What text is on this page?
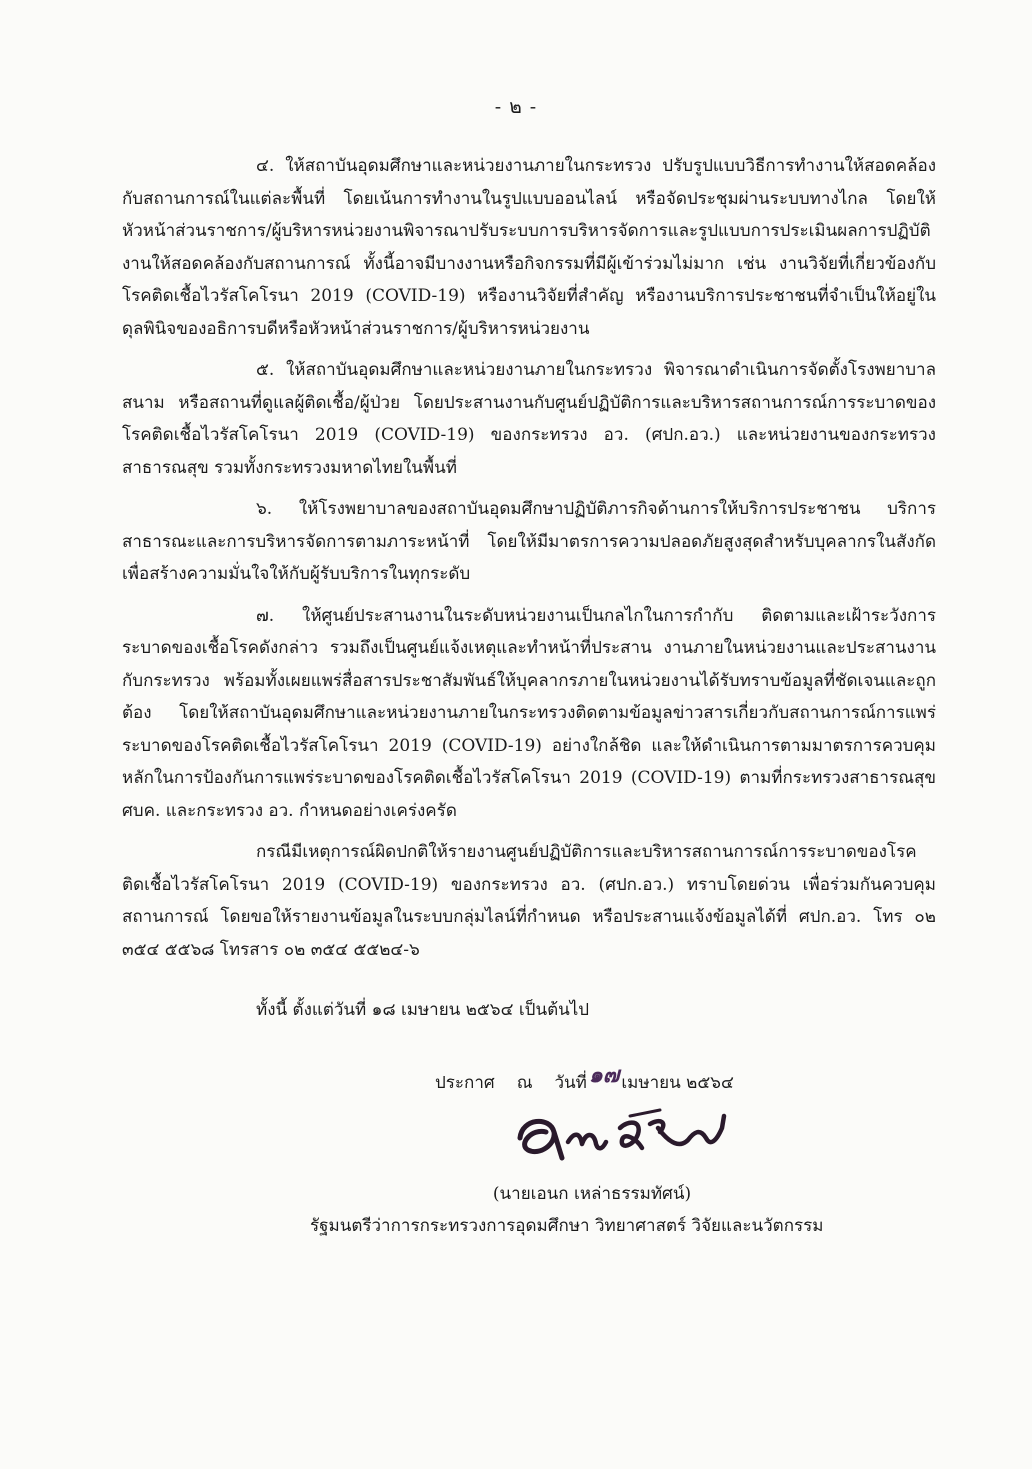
- ๒ -

๔. ให้สถาบันอุดมศึกษาและหน่วยงานภายในกระทรวง ปรับรูปแบบวิธีการทำงานให้สอดคล้องกับสถานการณ์ในแต่ละพื้นที่ โดยเน้นการทำงานในรูปแบบออนไลน์ หรือจัดประชุมผ่านระบบทางไกล โดยให้หัวหน้าส่วนราชการ/ผู้บริหารหน่วยงานพิจารณาปรับระบบการบริหารจัดการและรูปแบบการประเมินผลการปฏิบัติงานให้สอดคล้องกับสถานการณ์ ทั้งนี้อาจมีบางงานหรือกิจกรรมที่มีผู้เข้าร่วมไม่มาก เช่น งานวิจัยที่เกี่ยวข้องกับโรคติดเชื้อไวรัสโคโรนา 2019 (COVID-19) หรืองานวิจัยที่สำคัญ หรืองานบริการประชาชนที่จำเป็นให้อยู่ในดุลพินิจของอธิการบดีหรือหัวหน้าส่วนราชการ/ผู้บริหารหน่วยงาน

๕. ให้สถาบันอุดมศึกษาและหน่วยงานภายในกระทรวง พิจารณาดำเนินการจัดตั้งโรงพยาบาลสนาม หรือสถานที่ดูแลผู้ติดเชื้อ/ผู้ป่วย โดยประสานงานกับศูนย์ปฏิบัติการและบริหารสถานการณ์การระบาดของโรคติดเชื้อไวรัสโคโรนา 2019 (COVID-19) ของกระทรวง อว. (ศปก.อว.) และหน่วยงานของกระทรวงสาธารณสุข รวมทั้งกระทรวงมหาดไทยในพื้นที่

๖. ให้โรงพยาบาลของสถาบันอุดมศึกษาปฏิบัติภารกิจด้านการให้บริการประชาชน บริการสาธารณะและการบริหารจัดการตามภาระหน้าที่ โดยให้มีมาตรการความปลอดภัยสูงสุดสำหรับบุคลากรในสังกัด เพื่อสร้างความมั่นใจให้กับผู้รับบริการในทุกระดับ

๗. ให้ศูนย์ประสานงานในระดับหน่วยงานเป็นกลไกในการกำกับ ติดตามและเฝ้าระวังการระบาดของเชื้อโรคดังกล่าว รวมถึงเป็นศูนย์แจ้งเหตุและทำหน้าที่ประสาน งานภายในหน่วยงานและประสานงานกับกระทรวง พร้อมทั้งเผยแพร่สื่อสารประชาสัมพันธ์ให้บุคลากรภายในหน่วยงานได้รับทราบข้อมูลที่ชัดเจนและถูกต้อง โดยให้สถาบันอุดมศึกษาและหน่วยงานภายในกระทรวงติดตามข้อมูลข่าวสารเกี่ยวกับสถานการณ์การแพร่ระบาดของโรคติดเชื้อไวรัสโคโรนา 2019 (COVID-19) อย่างใกล้ชิด และให้ดำเนินการตามมาตรการควบคุมหลักในการป้องกันการแพร่ระบาดของโรคติดเชื้อไวรัสโคโรนา 2019 (COVID-19) ตามที่กระทรวงสาธารณสุข ศบค. และกระทรวง อว. กำหนดอย่างเคร่งครัด

กรณีมีเหตุการณ์ผิดปกติให้รายงานศูนย์ปฏิบัติการและบริหารสถานการณ์การระบาดของโรคติดเชื้อไวรัสโคโรนา 2019 (COVID-19) ของกระทรวง อว. (ศปก.อว.) ทราบโดยด่วน เพื่อร่วมกันควบคุมสถานการณ์ โดยขอให้รายงานข้อมูลในระบบกลุ่มไลน์ที่กำหนด หรือประสานแจ้งข้อมูลได้ที่ ศปก.อว. โทร ๐๒ ๓๕๔ ๕๕๖๘ โทรสาร ๐๒ ๓๕๔ ๕๕๒๔-๖

ทั้งนี้ ตั้งแต่วันที่ ๑๘ เมษายน ๒๕๖๔ เป็นต้นไป
ประกาศ ณ วันที่๑๗ เมษายน ๒๕๖๔
(นายเอนก เหล่าธรรมทัศน์)
รัฐมนตรีว่าการกระทรวงการอุดมศึกษา วิทยาศาสตร์ วิจัยและนวัตกรรม
